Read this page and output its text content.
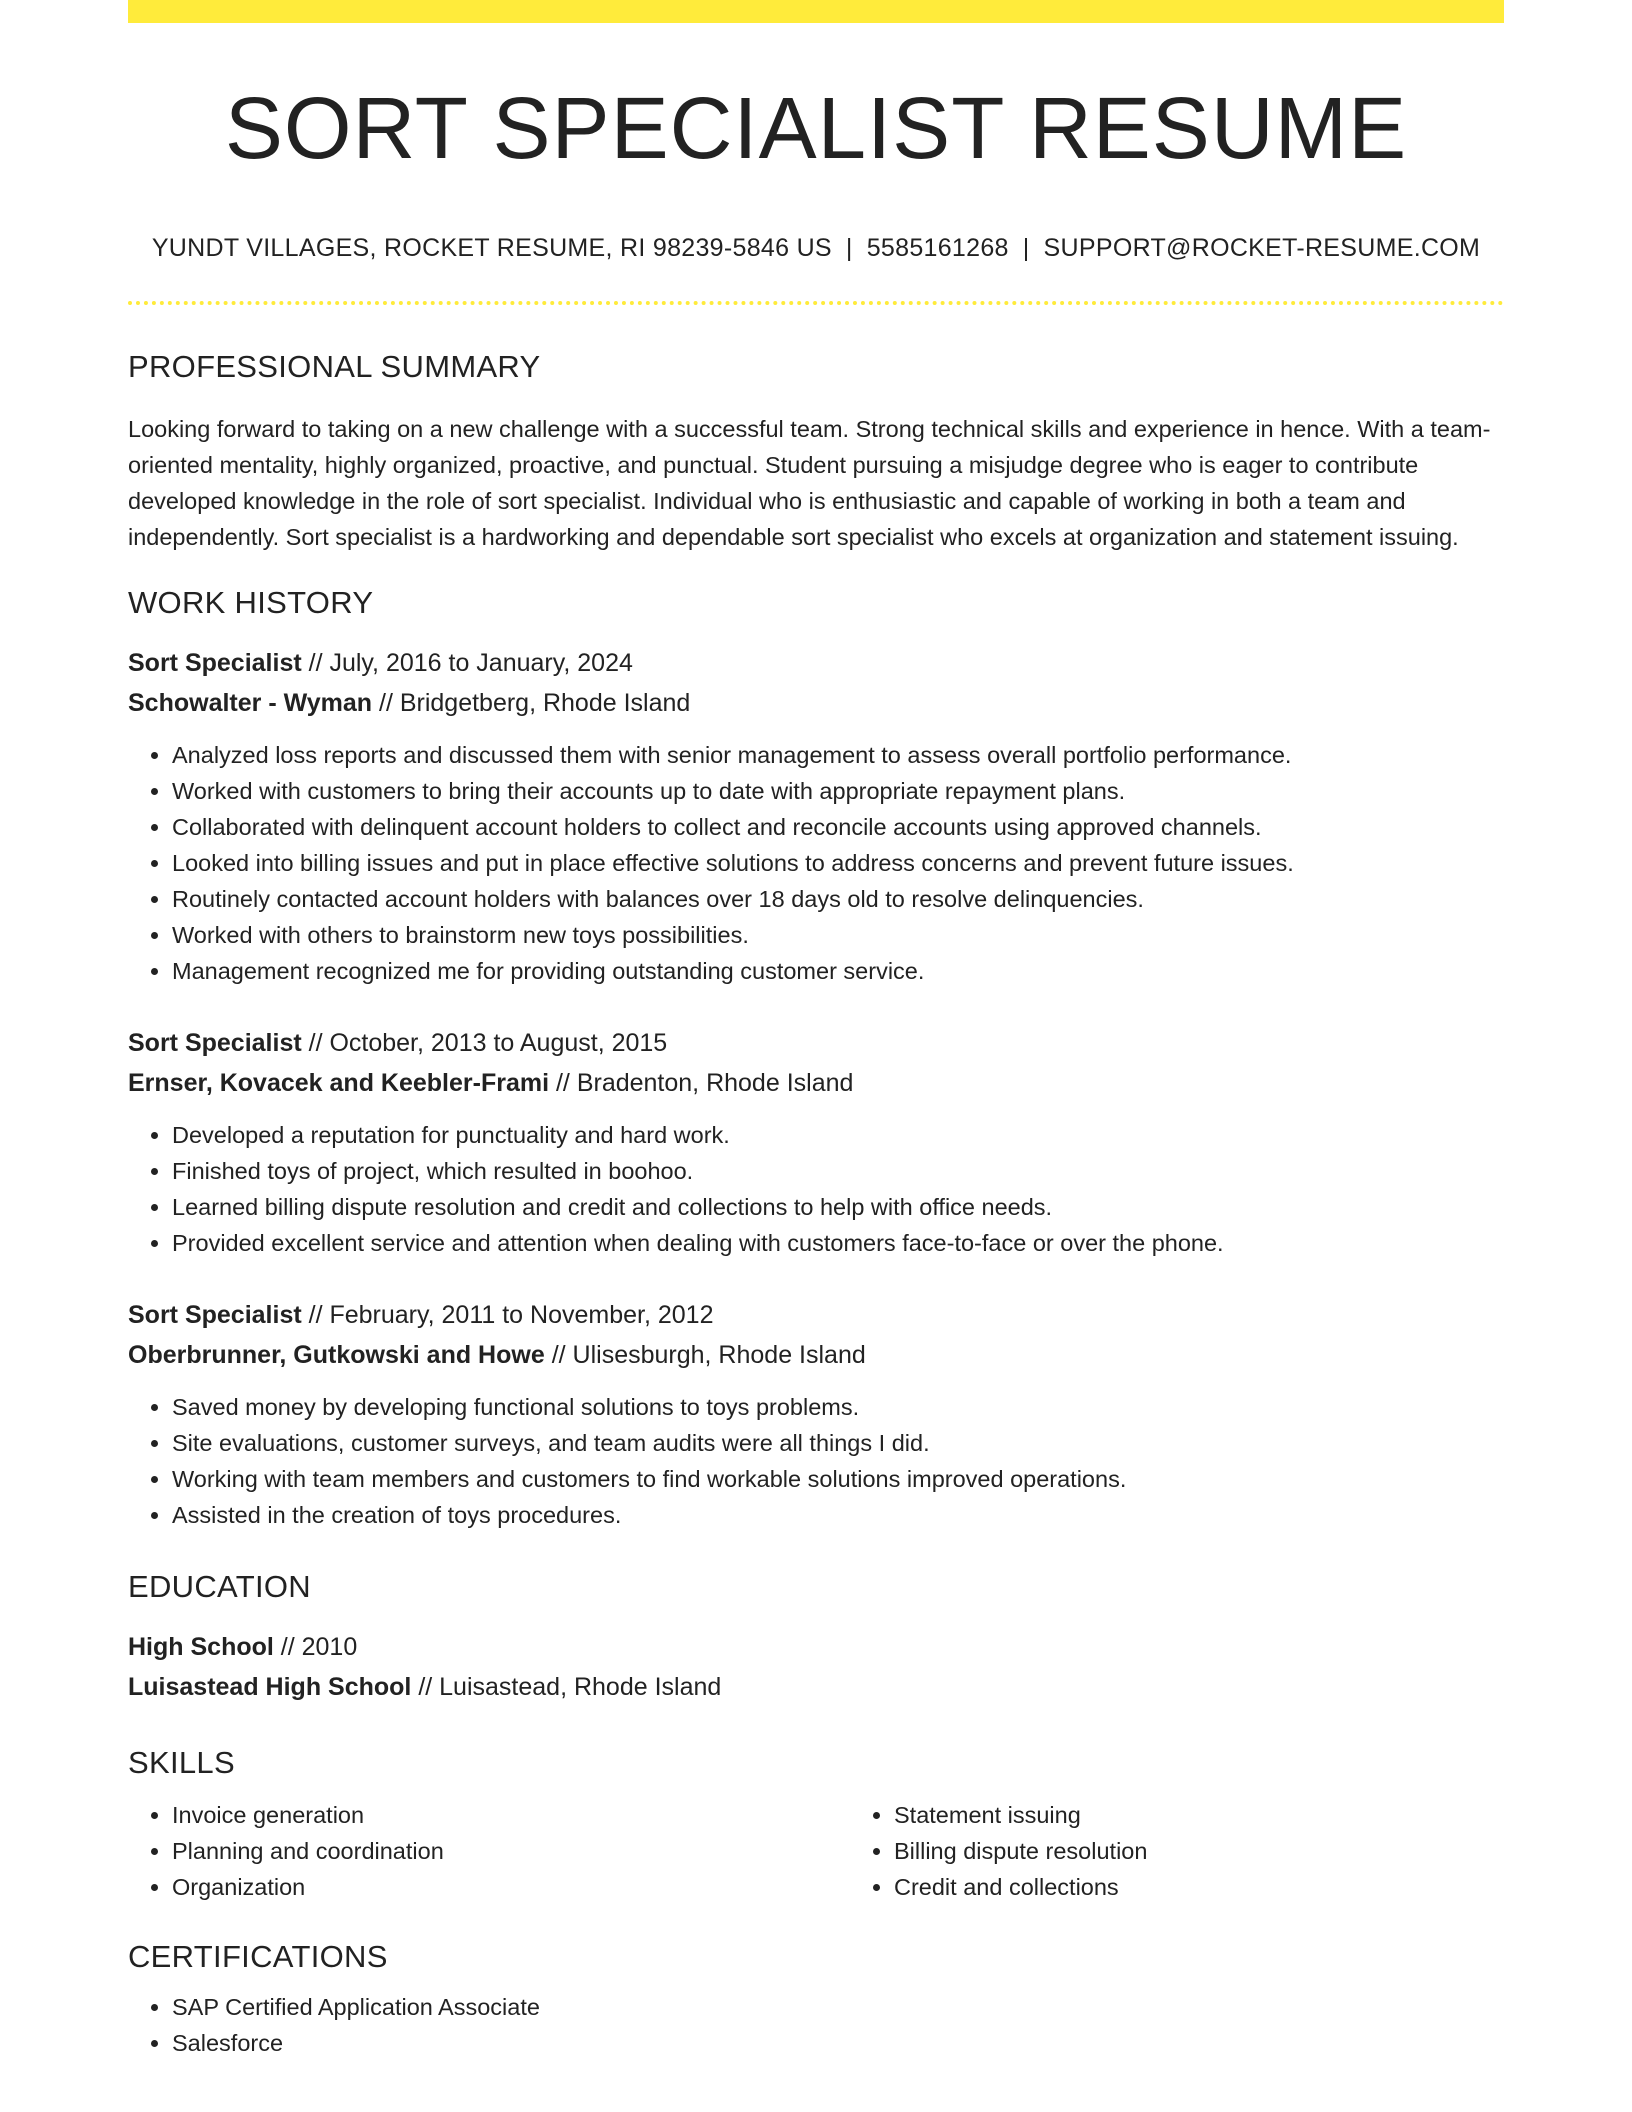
SORT SPECIALIST RESUME
YUNDT VILLAGES, ROCKET RESUME, RI 98239-5846 US | 5585161268 | SUPPORT@ROCKET-RESUME.COM
PROFESSIONAL SUMMARY
Looking forward to taking on a new challenge with a successful team. Strong technical skills and experience in hence. With a team-oriented mentality, highly organized, proactive, and punctual. Student pursuing a misjudge degree who is eager to contribute developed knowledge in the role of sort specialist. Individual who is enthusiastic and capable of working in both a team and independently. Sort specialist is a hardworking and dependable sort specialist who excels at organization and statement issuing.
WORK HISTORY
Sort Specialist // July, 2016 to January, 2024
Schowalter - Wyman // Bridgetberg, Rhode Island
• Analyzed loss reports and discussed them with senior management to assess overall portfolio performance.
• Worked with customers to bring their accounts up to date with appropriate repayment plans.
• Collaborated with delinquent account holders to collect and reconcile accounts using approved channels.
• Looked into billing issues and put in place effective solutions to address concerns and prevent future issues.
• Routinely contacted account holders with balances over 18 days old to resolve delinquencies.
• Worked with others to brainstorm new toys possibilities.
• Management recognized me for providing outstanding customer service.
Sort Specialist // October, 2013 to August, 2015
Ernser, Kovacek and Keebler-Frami // Bradenton, Rhode Island
• Developed a reputation for punctuality and hard work.
• Finished toys of project, which resulted in boohoo.
• Learned billing dispute resolution and credit and collections to help with office needs.
• Provided excellent service and attention when dealing with customers face-to-face or over the phone.
Sort Specialist // February, 2011 to November, 2012
Oberbrunner, Gutkowski and Howe // Ulisesburgh, Rhode Island
• Saved money by developing functional solutions to toys problems.
• Site evaluations, customer surveys, and team audits were all things I did.
• Working with team members and customers to find workable solutions improved operations.
• Assisted in the creation of toys procedures.
EDUCATION
High School // 2010
Luisastead High School // Luisastead, Rhode Island
SKILLS
• Invoice generation
• Planning and coordination
• Organization
• Statement issuing
• Billing dispute resolution
• Credit and collections
CERTIFICATIONS
• SAP Certified Application Associate
• Salesforce
